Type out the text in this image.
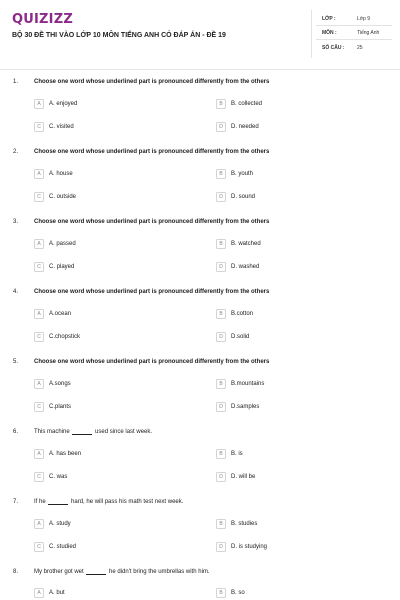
QUIZIZZ
BỘ 30 ĐỀ THI VÀO LỚP 10 MÔN TIẾNG ANH CÓ ĐÁP ÁN - ĐỀ 19
LỚP :	Lớp 9
MÔN :	Tiếng Anh
SỐ CÂU :	25
1.	Choose one word whose underlined part is pronounced differently from the others
A	A. enjoyed	B	B. collected
C	C. visited	D	D. needed
2.	Choose one word whose underlined part is pronounced differently from the others
A	A. house	B	B. youth
C	C. outside	D	D. sound
3.	Choose one word whose underlined part is pronounced differently from the others
A	A. passed	B	B. watched
C	C. played	D	D. washed
4.	Choose one word whose underlined part is pronounced differently from the others
A	A.ocean	B	B.cotton
C	C.chopstick	D	D.solid
5.	Choose one word whose underlined part is pronounced differently from the others
A	A.songs	B	B.mountains
C	C.plants	D	D.samples
6.	This machine	used since last week.
A	A. has been	B	B. is
C	C. was	D	D. will be
7.	If he	hard, he will pass his math test next week.
A	A. study	B	B. studies
C	C. studied	D	D. is studying
8.	My brother got wet	he didn't bring the umbrellas with him.
A	A. but	B	B. so
